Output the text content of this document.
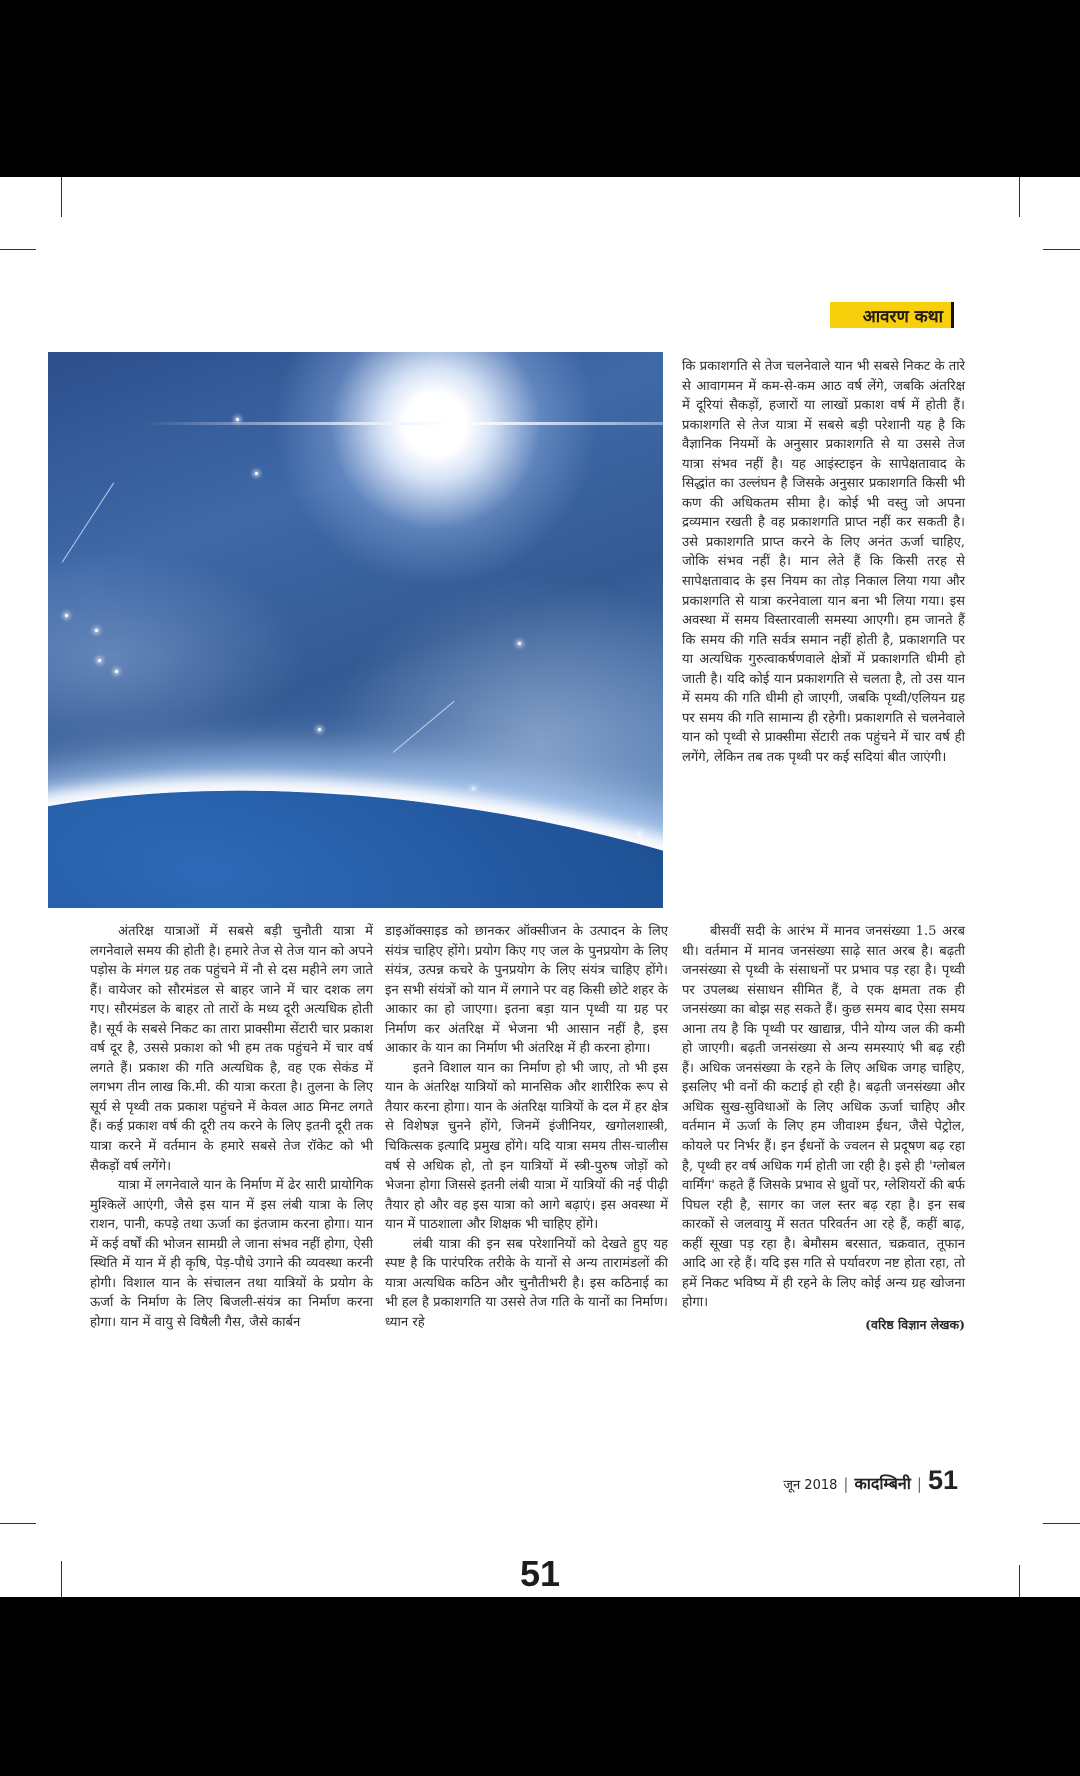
आवरण कथा

कि प्रकाशगति से तेज चलनेवाले यान भी सबसे निकट के तारे से आवागमन में कम-से-कम आठ वर्ष लेंगे, जबकि अंतरिक्ष में दूरियां सैकड़ों, हजारों या लाखों प्रकाश वर्ष में होती हैं। प्रकाशगति से तेज यात्रा में सबसे बड़ी परेशानी यह है कि वैज्ञानिक नियमों के अनुसार प्रकाशगति से या उससे तेज यात्रा संभव नहीं है। यह आइंस्टाइन के सापेक्षतावाद के सिद्धांत का उल्लंघन है जिसके अनुसार प्रकाशगति किसी भी कण की अधिकतम सीमा है। कोई भी वस्तु जो अपना द्रव्यमान रखती है वह प्रकाशगति प्राप्त नहीं कर सकती है। उसे प्रकाशगति प्राप्त करने के लिए अनंत ऊर्जा चाहिए, जोकि संभव नहीं है। मान लेते हैं कि किसी तरह से सापेक्षतावाद के इस नियम का तोड़ निकाल लिया गया और प्रकाशगति से यात्रा करनेवाला यान बना भी लिया गया। इस अवस्था में समय विस्तारवाली समस्या आएगी। हम जानते हैं कि समय की गति सर्वत्र समान नहीं होती है, प्रकाशगति पर या अत्यधिक गुरुत्वाकर्षणवाले क्षेत्रों में प्रकाशगति धीमी हो जाती है। यदि कोई यान प्रकाशगति से चलता है, तो उस यान में समय की गति धीमी हो जाएगी, जबकि पृथ्वी/एलियन ग्रह पर समय की गति सामान्य ही रहेगी। प्रकाशगति से चलनेवाले यान को पृथ्वी से प्राक्सीमा सेंटारी तक पहुंचने में चार वर्ष ही लगेंगे, लेकिन तब तक पृथ्वी पर कई सदियां बीत जाएंगी।

अंतरिक्ष यात्राओं में सबसे बड़ी चुनौती यात्रा में लगनेवाले समय की होती है। हमारे तेज से तेज यान को अपने पड़ोस के मंगल ग्रह तक पहुंचने में नौ से दस महीने लग जाते हैं। वायेजर को सौरमंडल से बाहर जाने में चार दशक लग गए। सौरमंडल के बाहर तो तारों के मध्य दूरी अत्यधिक होती है। सूर्य के सबसे निकट का तारा प्राक्सीमा सेंटारी चार प्रकाश वर्ष दूर है, उससे प्रकाश को भी हम तक पहुंचने में चार वर्ष लगते हैं। प्रकाश की गति अत्यधिक है, वह एक सेकंड में लगभग तीन लाख कि.मी. की यात्रा करता है। तुलना के लिए सूर्य से पृथ्वी तक प्रकाश पहुंचने में केवल आठ मिनट लगते हैं। कई प्रकाश वर्ष की दूरी तय करने के लिए इतनी दूरी तक यात्रा करने में वर्तमान के हमारे सबसे तेज रॉकेट को भी सैकड़ों वर्ष लगेंगे।

यात्रा में लगनेवाले यान के निर्माण में ढेर सारी प्रायोगिक मुश्किलें आएंगी, जैसे इस यान में इस लंबी यात्रा के लिए राशन, पानी, कपड़े तथा ऊर्जा का इंतजाम करना होगा। यान में कई वर्षों की भोजन सामग्री ले जाना संभव नहीं होगा, ऐसी स्थिति में यान में ही कृषि, पेड़-पौधे उगाने की व्यवस्था करनी होगी। विशाल यान के संचालन तथा यात्रियों के प्रयोग के ऊर्जा के निर्माण के लिए बिजली-संयंत्र का निर्माण करना होगा। यान में वायु से विषैली गैस, जैसे कार्बन

डाइऑक्साइड को छानकर ऑक्सीजन के उत्पादन के लिए संयंत्र चाहिए होंगे। प्रयोग किए गए जल के पुनप्रयोग के लिए संयंत्र, उत्पन्न कचरे के पुनप्रयोग के लिए संयंत्र चाहिए होंगे। इन सभी संयंत्रों को यान में लगाने पर वह किसी छोटे शहर के आकार का हो जाएगा। इतना बड़ा यान पृथ्वी या ग्रह पर निर्माण कर अंतरिक्ष में भेजना भी आसान नहीं है, इस आकार के यान का निर्माण भी अंतरिक्ष में ही करना होगा।

इतने विशाल यान का निर्माण हो भी जाए, तो भी इस यान के अंतरिक्ष यात्रियों को मानसिक और शारीरिक रूप से तैयार करना होगा। यान के अंतरिक्ष यात्रियों के दल में हर क्षेत्र से विशेषज्ञ चुनने होंगे, जिनमें इंजीनियर, खगोलशास्त्री, चिकित्सक इत्यादि प्रमुख होंगे। यदि यात्रा समय तीस-चालीस वर्ष से अधिक हो, तो इन यात्रियों में स्त्री-पुरुष जोड़ों को भेजना होगा जिससे इतनी लंबी यात्रा में यात्रियों की नई पीढ़ी तैयार हो और वह इस यात्रा को आगे बढ़ाएं। इस अवस्था में यान में पाठशाला और शिक्षक भी चाहिए होंगे।

लंबी यात्रा की इन सब परेशानियों को देखते हुए यह स्पष्ट है कि पारंपरिक तरीके के यानों से अन्य तारामंडलों की यात्रा अत्यधिक कठिन और चुनौतीभरी है। इस कठिनाई का भी हल है प्रकाशगति या उससे तेज गति के यानों का निर्माण। ध्यान रहे

बीसवीं सदी के आरंभ में मानव जनसंख्या 1.5 अरब थी। वर्तमान में मानव जनसंख्या साढ़े सात अरब है। बढ़ती जनसंख्या से पृथ्वी के संसाधनों पर प्रभाव पड़ रहा है। पृथ्वी पर उपलब्ध संसाधन सीमित हैं, वे एक क्षमता तक ही जनसंख्या का बोझ सह सकते हैं। कुछ समय बाद ऐसा समय आना तय है कि पृथ्वी पर खाद्यान्न, पीने योग्य जल की कमी हो जाएगी। बढ़ती जनसंख्या से अन्य समस्याएं भी बढ़ रही हैं। अधिक जनसंख्या के रहने के लिए अधिक जगह चाहिए, इसलिए भी वनों की कटाई हो रही है। बढ़ती जनसंख्या और अधिक सुख-सुविधाओं के लिए अधिक ऊर्जा चाहिए और वर्तमान में ऊर्जा के लिए हम जीवाश्म ईंधन, जैसे पेट्रोल, कोयले पर निर्भर हैं। इन ईंधनों के ज्वलन से प्रदूषण बढ़ रहा है, पृथ्वी हर वर्ष अधिक गर्म होती जा रही है। इसे ही 'ग्लोबल वार्मिंग' कहते हैं जिसके प्रभाव से ध्रुवों पर, ग्लेशियरों की बर्फ पिघल रही है, सागर का जल स्तर बढ़ रहा है। इन सब कारकों से जलवायु में सतत परिवर्तन आ रहे हैं, कहीं बाढ़, कहीं सूखा पड़ रहा है। बेमौसम बरसात, चक्रवात, तूफान आदि आ रहे हैं। यदि इस गति से पर्यावरण नष्ट होता रहा, तो हमें निकट भविष्य में ही रहने के लिए कोई अन्य ग्रह खोजना होगा।

(वरिष्ठ विज्ञान लेखक)

जून 2018 | कादम्बिनी | 51
51
